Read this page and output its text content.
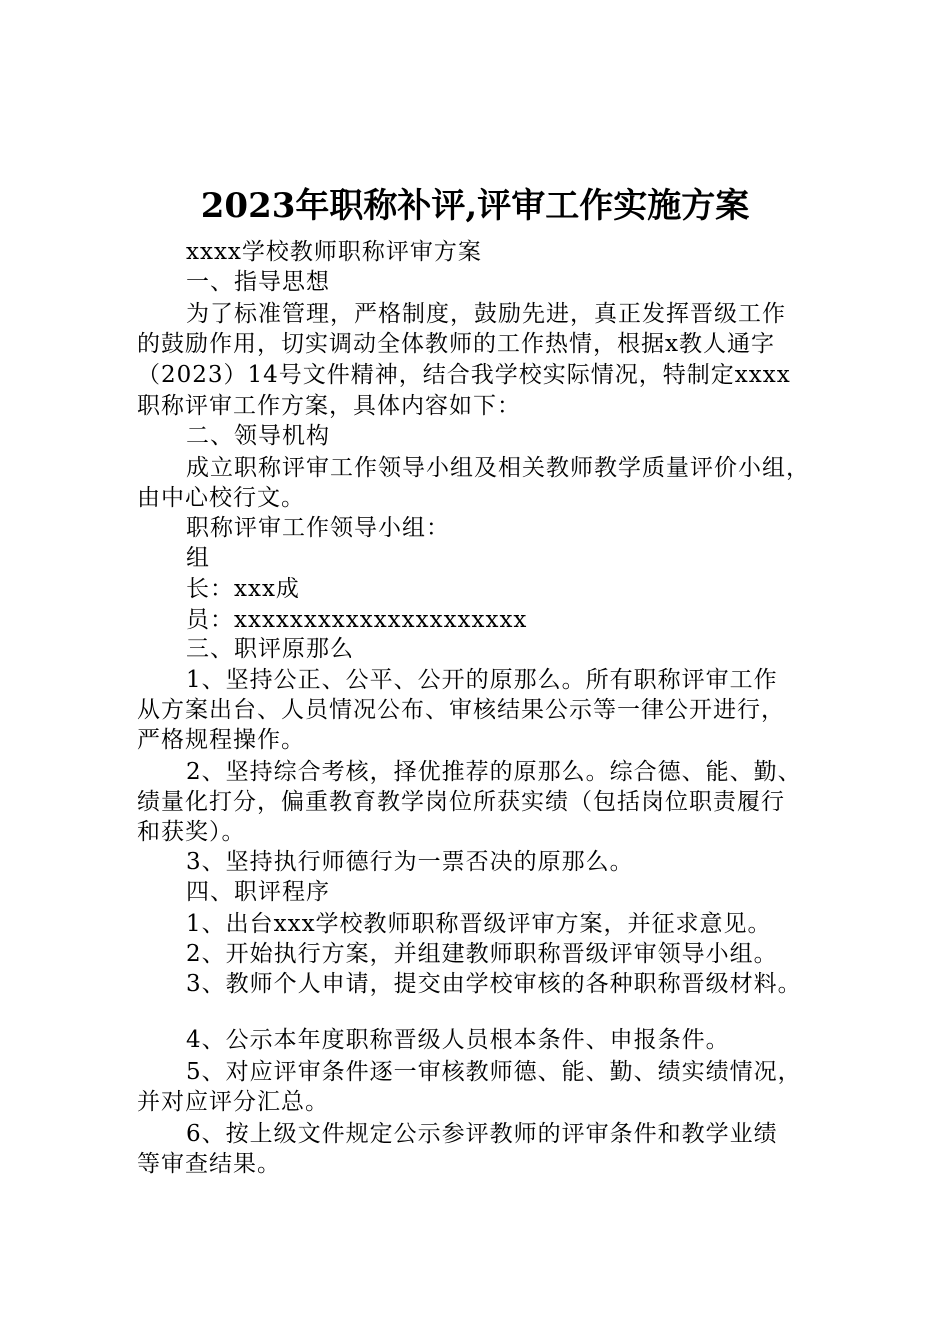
2023年职称补评,评审工作实施方案
xxxx学校教师职称评审方案
一、指导思想
为了标准管理，严格制度，鼓励先进，真正发挥晋级工作
的鼓励作用，切实调动全体教师的工作热情，根据x教人通字
（2023）14号文件精神，结合我学校实际情况，特制定xxxx
职称评审工作方案，具体内容如下：
二、领导机构
成立职称评审工作领导小组及相关教师教学质量评价小组，
由中心校行文。
职称评审工作领导小组：
组
长：xxx成
员：xxxxxxxxxxxxxxxxxxxxx
三、职评原那么
1、坚持公正、公平、公开的原那么。所有职称评审工作
从方案出台、人员情况公布、审核结果公示等一律公开进行，
严格规程操作。
2、坚持综合考核，择优推荐的原那么。综合德、能、勤、
绩量化打分，偏重教育教学岗位所获实绩（包括岗位职责履行
和获奖）。
3、坚持执行师德行为一票否决的原那么。
四、职评程序
1、出台xxx学校教师职称晋级评审方案，并征求意见。
2、开始执行方案，并组建教师职称晋级评审领导小组。
3、教师个人申请，提交由学校审核的各种职称晋级材料。
4、公示本年度职称晋级人员根本条件、申报条件。
5、对应评审条件逐一审核教师德、能、勤、绩实绩情况，
并对应评分汇总。
6、按上级文件规定公示参评教师的评审条件和教学业绩
等审查结果。
